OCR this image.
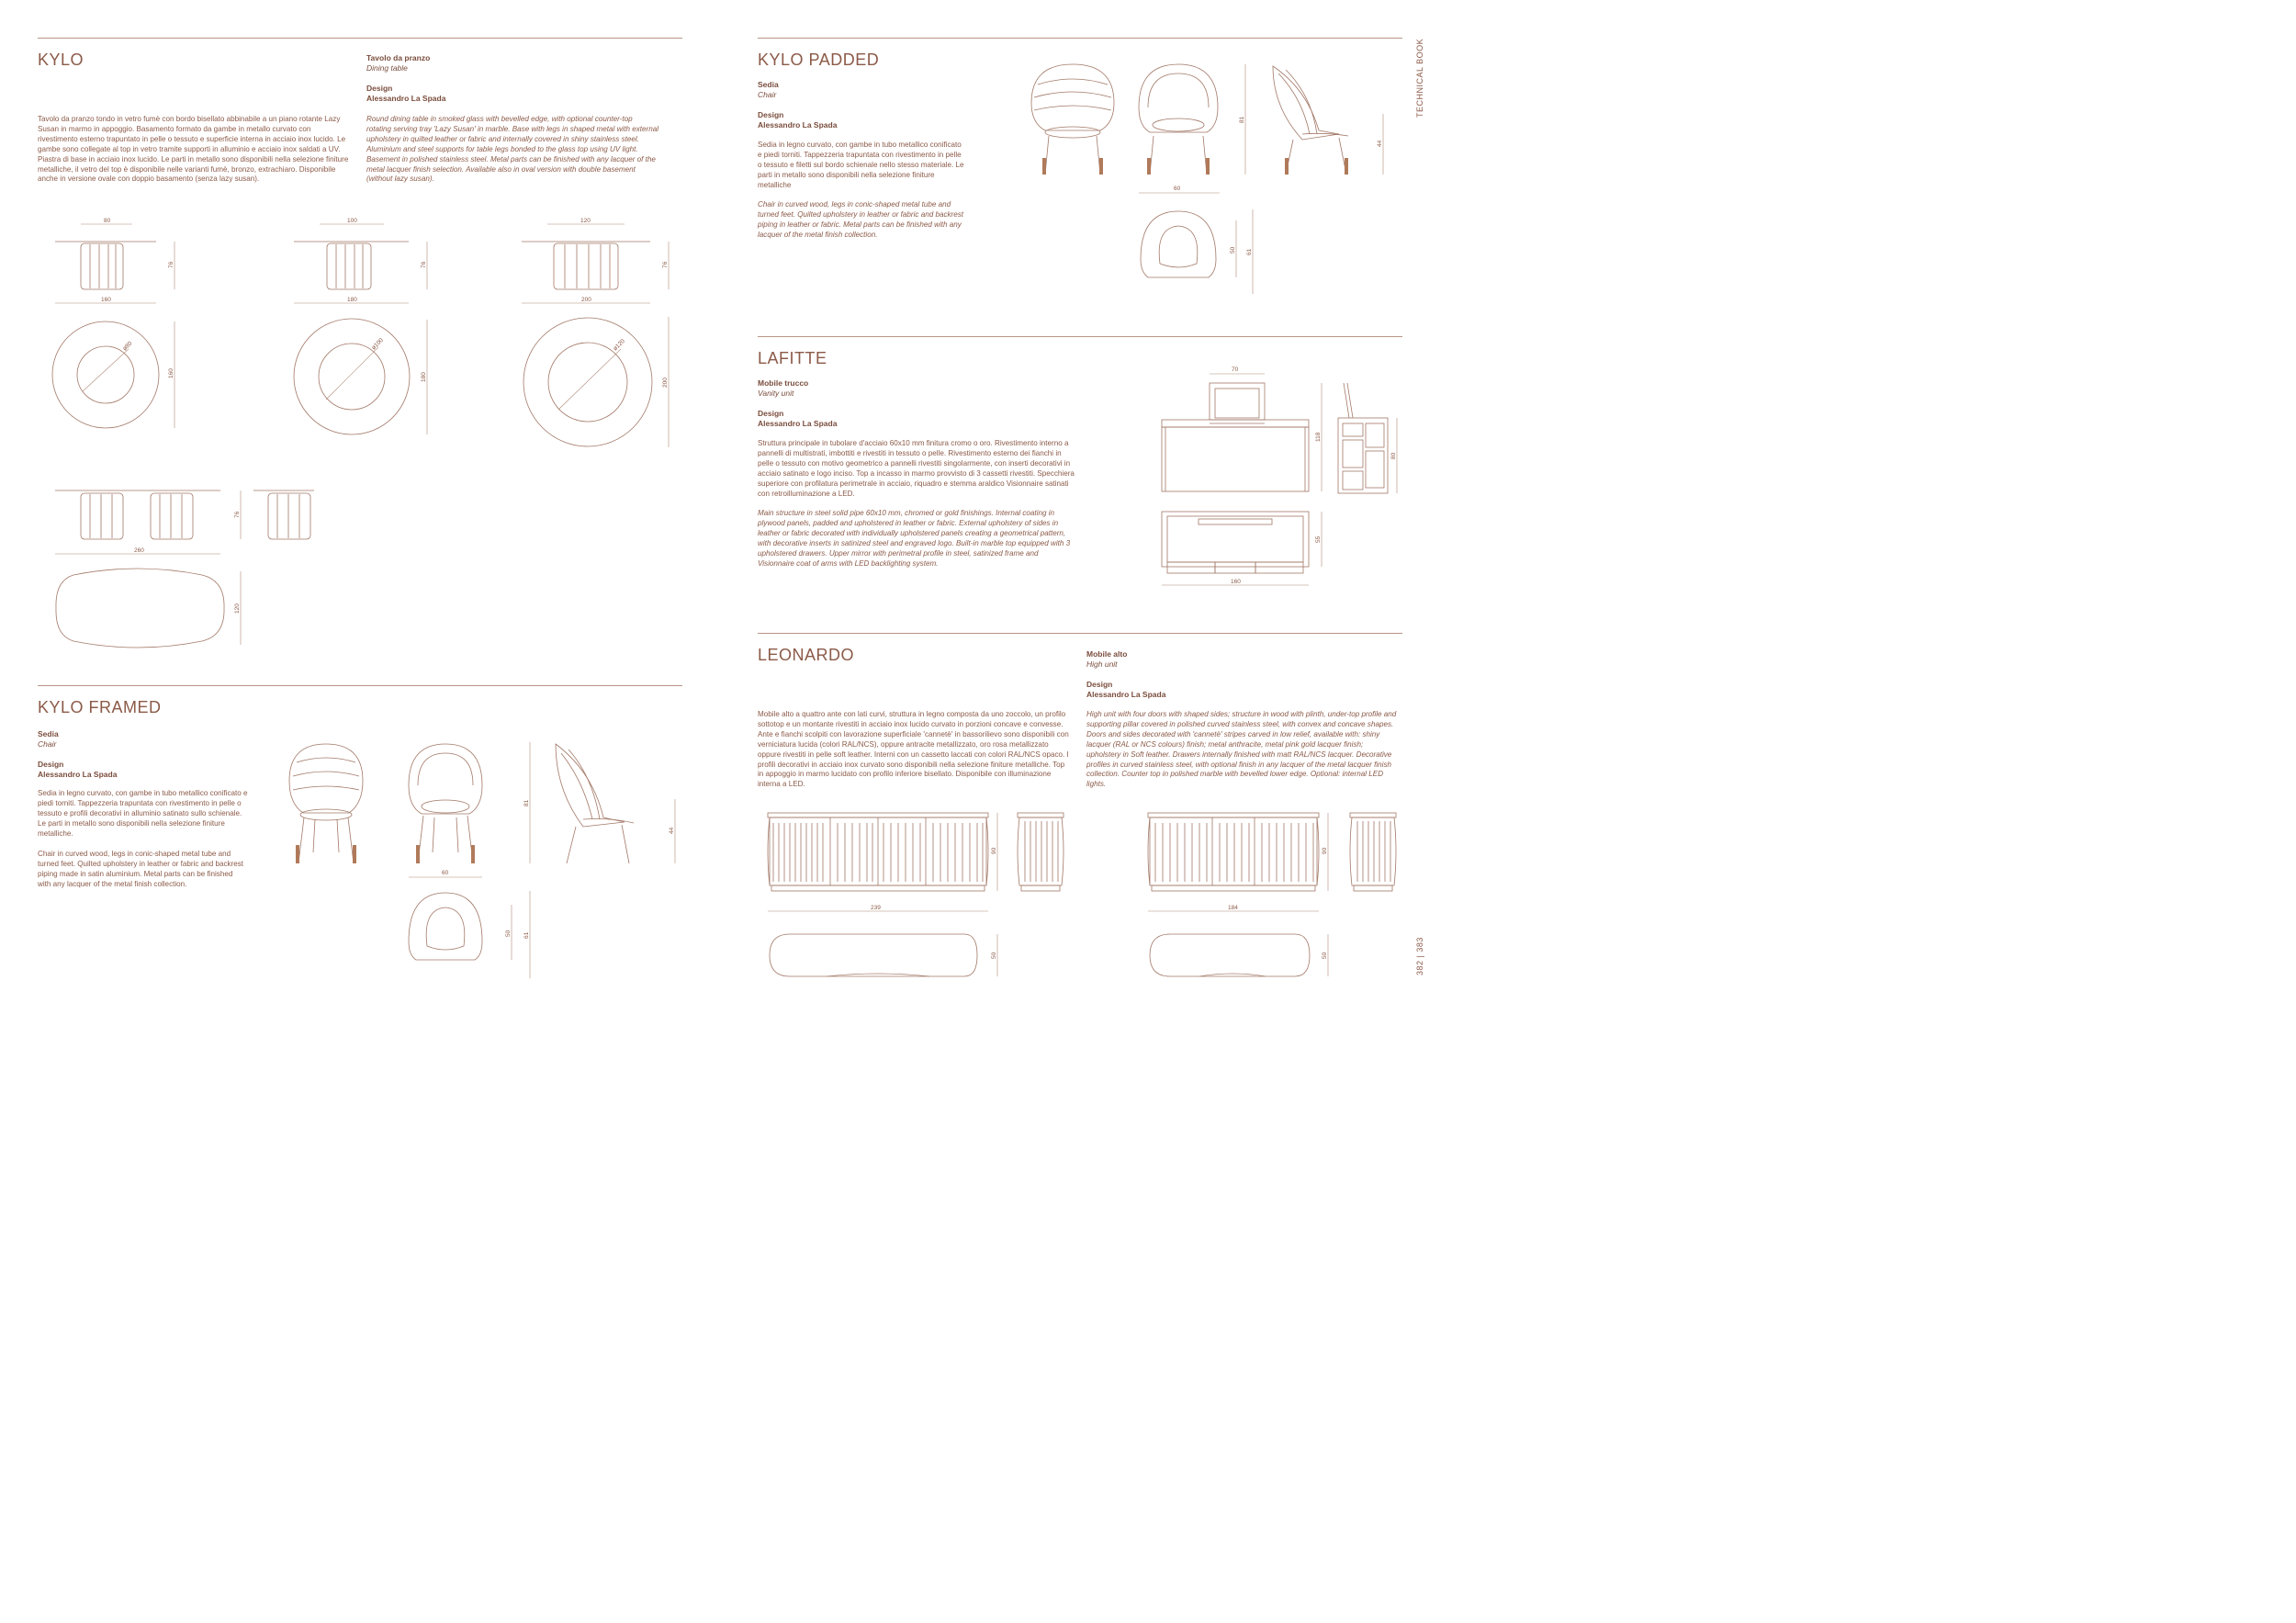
TECHNICAL BOOK
382 | 383
KYLO	Tavolo da pranzo
Dining table
Design
Alessandro La Spada

Tavolo da pranzo tondo in vetro fumè con bordo bisellato abbinabile a un piano rotante Lazy Susan in marmo in appoggio. Basamento formato da gambe in metallo curvato con rivestimento esterno trapuntato in pelle o tessuto e superficie interna in acciaio inox lucido. Le gambe sono collegate al top in vetro tramite supporti in alluminio e acciaio inox saldati a UV. Piastra di base in acciaio inox lucido. Le parti in metallo sono disponibili nella selezione finiture metalliche, il vetro del top è disponibile nelle varianti fumè, bronzo, extrachiaro. Disponibile anche in versione ovale con doppio basamento (senza lazy susan).

Round dining table in smoked glass with bevelled edge, with optional counter-top rotating serving tray 'Lazy Susan' in marble. Base with legs in shaped metal with external upholstery in quilted leather or fabric and internally covered in shiny stainless steel. Aluminium and steel supports for table legs bonded to the glass top using UV light. Basement in polished stainless steel. Metal parts can be finished with any lacquer of the metal lacquer finish selection. Available also in oval version with double basement (without lazy susan).

80
76
160
ø80
160
100
76
180
ø100
180
120
76
200
ø120
200
76
260
120
KYLO FRAMED
Sedia
Chair
Design
Alessandro La Spada

Sedia in legno curvato, con gambe in tubo metallico conificato e piedi torniti. Tappezzeria trapuntata con rivestimento in pelle o tessuto e profili decorativi in alluminio satinato sullo schienale. Le parti in metallo sono disponibili nella selezione finiture metalliche.

Chair in curved wood, legs in conic-shaped metal tube and turned feet. Quilted upholstery in leather or fabric and backrest piping made in satin aluminium. Metal parts can be finished with any lacquer of the metal finish collection.

60
81
44
50 61
KYLO PADDED
Sedia
Chair
Design
Alessandro La Spada

Sedia in legno curvato, con gambe in tubo metallico conificato e piedi torniti. Tappezzeria trapuntata con rivestimento in pelle o tessuto e filetti sul bordo schienale nello stesso materiale. Le parti in metallo sono disponibili nella selezione finiture metalliche

Chair in curved wood, legs in conic-shaped metal tube and turned feet. Quilted upholstery in leather or fabric and backrest piping in leather or fabric. Metal parts can be finished with any lacquer of the metal finish collection.

60
81
44
50 61
LAFITTE
Mobile trucco
Vanity unit
Design
Alessandro La Spada

Struttura principale in tubolare d'acciaio 60x10 mm finitura cromo o oro. Rivestimento interno a pannelli di multistrati, imbottiti e rivestiti in tessuto o pelle. Rivestimento esterno dei fianchi in pelle o tessuto con motivo geometrico a pannelli rivestiti singolarmente, con inserti decorativi in acciaio satinato e logo inciso. Top a incasso in marmo provvisto di 3 cassetti rivestiti. Specchiera superiore con profilatura perimetrale in acciaio, riquadro e stemma araldico Visionnaire satinati con retroilluminazione a LED.

Main structure in steel solid pipe 60x10 mm, chromed or gold finishings. Internal coating in plywood panels, padded and upholstered in leather or fabric. External upholstery of sides in leather or fabric decorated with individually upholstered panels creating a geometrical pattern, with decorative inserts in satinized steel and engraved logo. Built-in marble top equipped with 3 upholstered drawers. Upper mirror with perimetral profile in steel, satinized frame and Visionnaire coat of arms with LED backlighting system.

70
118
80
55
160
LEONARDO	Mobile alto
High unit
Design
Alessandro La Spada

Mobile alto a quattro ante con lati curvi, struttura in legno composta da uno zoccolo, un profilo sottotop e un montante rivestiti in acciaio inox lucido curvato in porzioni concave e convesse. Ante e fianchi scolpiti con lavorazione superficiale 'cannetè' in bassorilievo sono disponibili con verniciatura lucida (colori RAL/NCS), oppure antracite metallizzato, oro rosa metallizzato oppure rivestiti in pelle soft leather. Interni con un cassetto laccati con colori RAL/NCS opaco. I profili decorativi in acciaio inox curvato sono disponibili nella selezione finiture metalliche. Top in appoggio in marmo lucidato con profilo inferiore bisellato. Disponibile con illuminazione interna a LED.

High unit with four doors with shaped sides; structure in wood with plinth, under-top profile and supporting pillar covered in polished curved stainless steel, with convex and concave shapes. Doors and sides decorated with 'cannetè' stripes carved in low relief, available with: shiny lacquer (RAL or NCS colours) finish; metal anthracite, metal pink gold lacquer finish; upholstery in Soft leather. Drawers internally finished with matt RAL/NCS lacquer. Decorative profiles in curved stainless steel, with optional finish in any lacquer of the metal lacquer finish collection. Counter top in polished marble with bevelled lower edge. Optional: internal LED lights.

90
239
50
90
184
50
